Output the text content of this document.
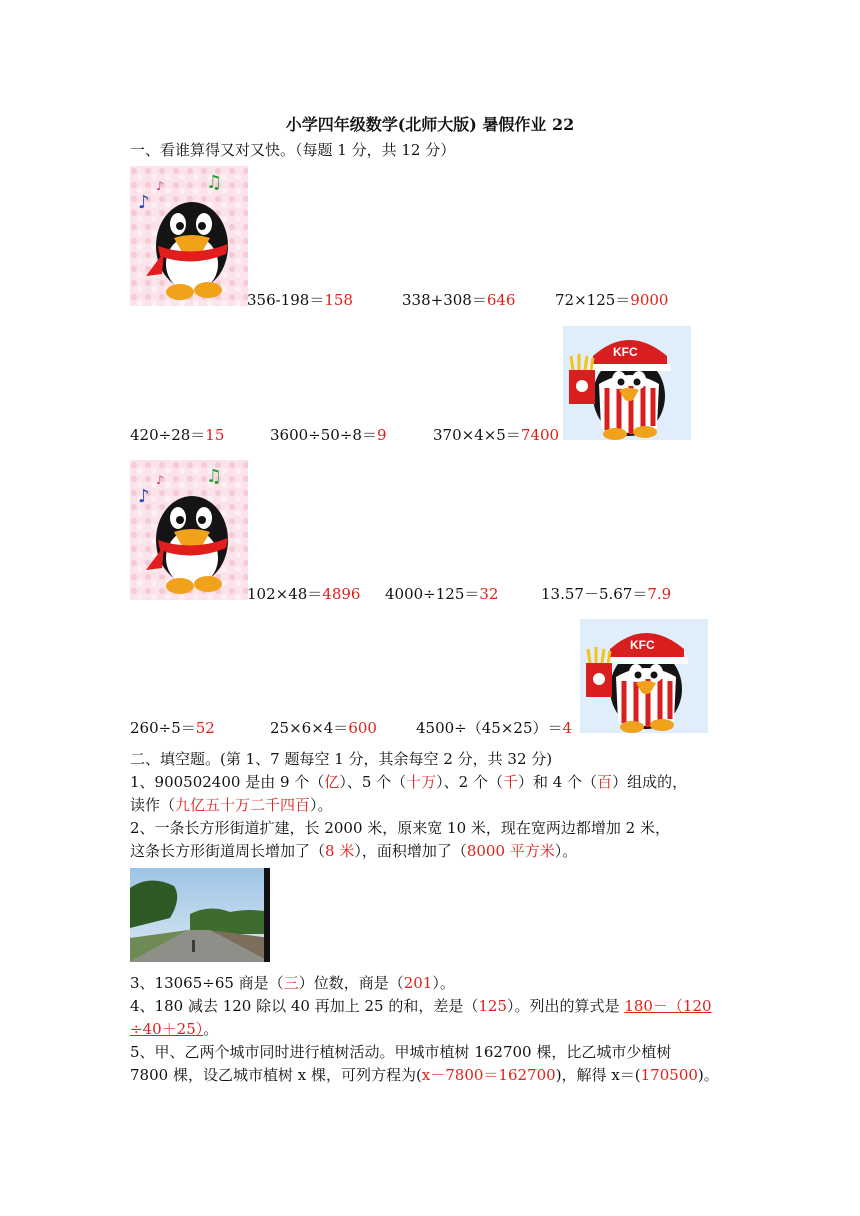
小学四年级数学(北师大版) 暑假作业 22
一、看谁算得又对又快。（每题 1 分，共 12 分）
♪
♫
♪
356-198＝158	338+308＝646	72×125＝9000
KFC
420÷28＝15	3600÷50÷8＝9	370×4×5＝7400
♪
♫
♪
102×48＝4896 4000÷125＝32	13.57－5.67＝7.9
KFC
260÷5＝52	25×6×4＝600	4500÷（45×25）＝4
二、填空题。(第 1、7 题每空 1 分，其余每空 2 分，共 32 分)
1、900502400 是由 9 个（亿）、5 个（十万）、2 个（千）和 4 个（百）组成的，
读作（九亿五十万二千四百）。
2、一条长方形街道扩建，长 2000 米，原来宽 10 米，现在宽两边都增加 2 米，
这条长方形街道周长增加了（8 米），面积增加了（8000 平方米）。
3、13065÷65 商是（三）位数，商是（201）。
4、180 减去 120 除以 40 再加上 25 的和，差是（125）。列出的算式是 180－（120
÷40＋25）。
5、甲、乙两个城市同时进行植树活动。甲城市植树 162700 棵，比乙城市少植树
7800 棵，设乙城市植树 x 棵，可列方程为(x－7800＝162700)，解得 x＝(170500)。
